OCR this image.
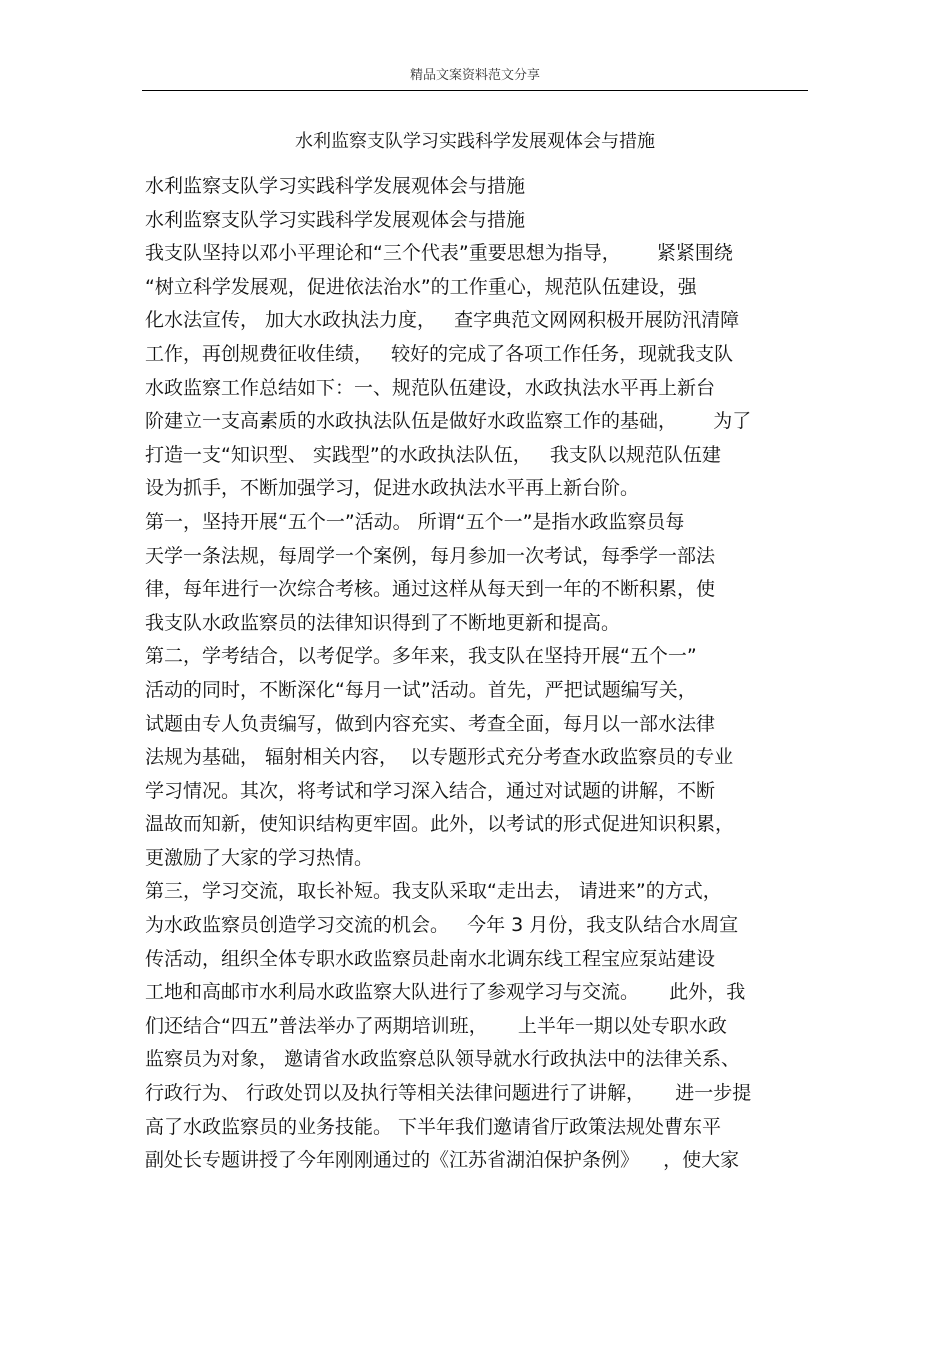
精品文案资料范文分享
水利监察支队学习实践科学发展观体会与措施
水利监察支队学习实践科学发展观体会与措施
水利监察支队学习实践科学发展观体会与措施
我支队坚持以邓小平理论和“三个代表”重要思想为指导，      紧紧围绕
“树立科学发展观，促进依法治水”的工作重心，规范队伍建设，强
化水法宣传， 加大水政执法力度，   查字典范文网网积极开展防汛清障
工作，再创规费征收佳绩，   较好的完成了各项工作任务，现就我支队
水政监察工作总结如下：一、规范队伍建设，水政执法水平再上新台
阶建立一支高素质的水政执法队伍是做好水政监察工作的基础，      为了
打造一支“知识型、 实践型”的水政执法队伍，   我支队以规范队伍建
设为抓手，不断加强学习，促进水政执法水平再上新台阶。
第一，坚持开展“五个一”活动。 所谓“五个一”是指水政监察员每
天学一条法规，每周学一个案例，每月参加一次考试，每季学一部法
律，每年进行一次综合考核。通过这样从每天到一年的不断积累，使
我支队水政监察员的法律知识得到了不断地更新和提高。
第二，学考结合，以考促学。多年来，我支队在坚持开展“五个一”
活动的同时，不断深化“每月一试”活动。首先，严把试题编写关，
试题由专人负责编写，做到内容充实、考查全面，每月以一部水法律
法规为基础， 辐射相关内容，  以专题形式充分考查水政监察员的专业
学习情况。其次，将考试和学习深入结合，通过对试题的讲解，不断
温故而知新，使知识结构更牢固。此外，以考试的形式促进知识积累，
更激励了大家的学习热情。
第三，学习交流，取长补短。我支队采取“走出去， 请进来”的方式，
为水政监察员创造学习交流的机会。   今年 3 月份，我支队结合水周宣
传活动，组织全体专职水政监察员赴南水北调东线工程宝应泵站建设
工地和高邮市水利局水政监察大队进行了参观学习与交流。     此外，我
们还结合“四五”普法举办了两期培训班，     上半年一期以处专职水政
监察员为对象， 邀请省水政监察总队领导就水行政执法中的法律关系、
行政行为、 行政处罚以及执行等相关法律问题进行了讲解，     进一步提
高了水政监察员的业务技能。 下半年我们邀请省厅政策法规处曹东平
副处长专题讲授了今年刚刚通过的《江苏省湖泊保护条例》    ，使大家
